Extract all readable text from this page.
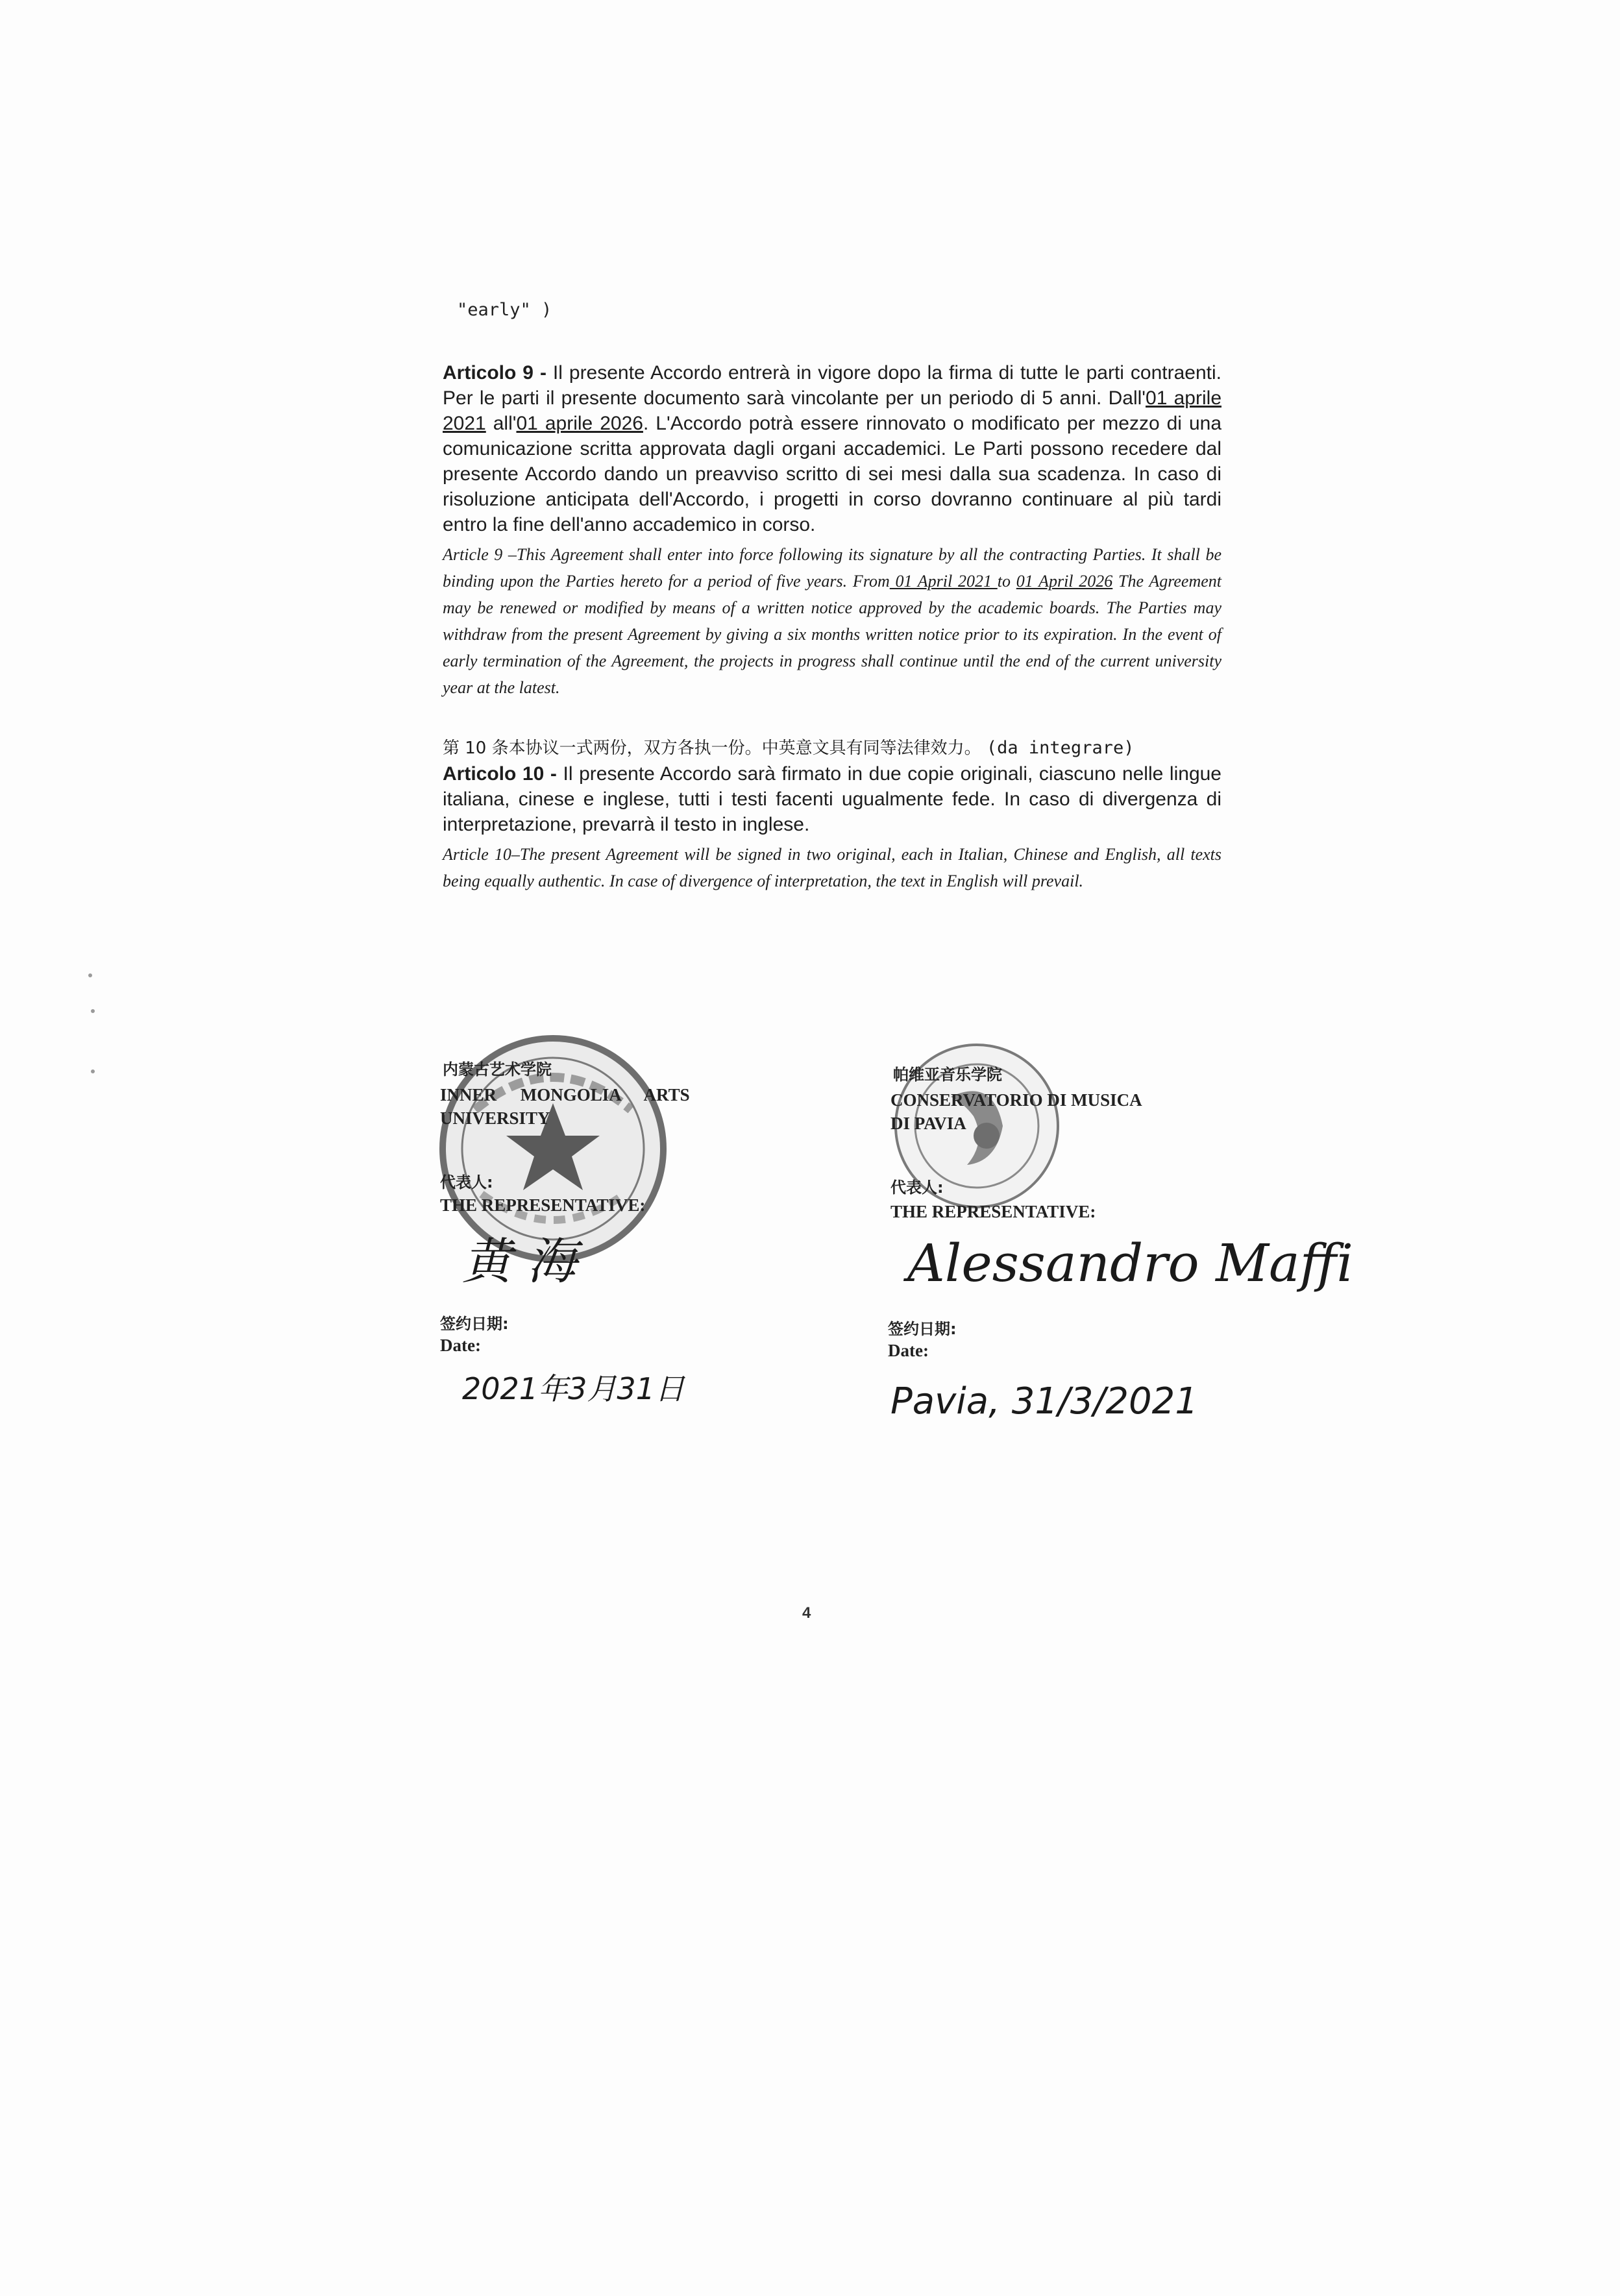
"early" )
Articolo 9 - Il presente Accordo entrerà in vigore dopo la firma di tutte le parti contraenti. Per le parti il presente documento sarà vincolante per un periodo di 5 anni. Dall'01 aprile 2021 all'01 aprile 2026. L'Accordo potrà essere rinnovato o modificato per mezzo di una comunicazione scritta approvata dagli organi accademici. Le Parti possono recedere dal presente Accordo dando un preavviso scritto di sei mesi dalla sua scadenza. In caso di risoluzione anticipata dell'Accordo, i progetti in corso dovranno continuare al più tardi entro la fine dell'anno accademico in corso.
Article 9 –This Agreement shall enter into force following its signature by all the contracting Parties. It shall be binding upon the Parties hereto for a period of five years. From 01 April 2021 to 01 April 2026 The Agreement may be renewed or modified by means of a written notice approved by the academic boards. The Parties may withdraw from the present Agreement by giving a six months written notice prior to its expiration. In the event of early termination of the Agreement, the projects in progress shall continue until the end of the current university year at the latest.
第 10 条本协议一式两份，双方各执一份。中英意文具有同等法律效力。 (da integrare)
Articolo 10 - Il presente Accordo sarà firmato in due copie originali, ciascuno nelle lingue italiana, cinese e inglese, tutti i testi facenti ugualmente fede. In caso di divergenza di interpretazione, prevarrà il testo in inglese.
Article 10–The present Agreement will be signed in two original, each in Italian, Chinese and English, all texts being equally authentic. In case of divergence of interpretation, the text in English will prevail.
内蒙古艺术学院
INNER MONGOLIA ARTS
UNIVERSITY
代表人:
THE REPRESENTATIVE:
黄 海
签约日期:
Date:
2021年3月31日
帕维亚音乐学院
CONSERVATORIO DI MUSICA
DI PAVIA
代表人:
THE REPRESENTATIVE:
Alessandro Maffi
签约日期:
Date:
Pavia, 31/3/2021
4
